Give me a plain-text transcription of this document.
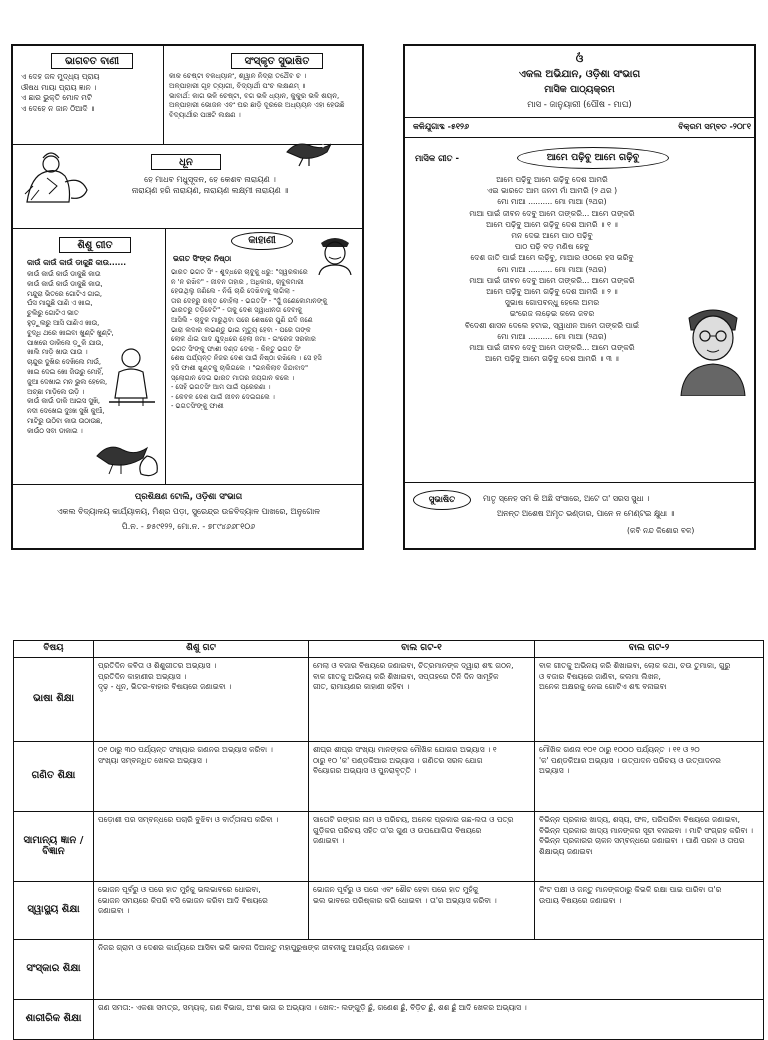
ଭାଗବତ ବାଣୀ
ଏ ଦେହ ଜଳ ମୁଦ୍ଧ୍ୟ ପ୍ରାୟ
ଔଷଧ ମାୟା ପ୍ରାୟ ଜ୍ଞାନ ।
ଏ ଛାର ଭୁକ୍ତି ମୋଳ ମଟି
ଏ ଦେହେ ନ ଜାନ ଠିଆଦି ॥
ସଂସ୍କୃତ ସୁଭାଷିତ
କାକ ଚେଷ୍ଟା ବକଧ୍ୟାନଂ, ଶ୍ୱାନ ନିଦ୍ରା ତଥୈବ ଚ ।
ଅଳ୍ପାହାରୀ ଗୃହ ତ୍ୟାଗୀ, ବିଦ୍ୟାର୍ଥୀ ପଂଚ ଲକ୍ଷଣମ୍ ॥
ଭାବାର୍ଥ: କାଗ ଭଳି ଚେଷ୍ଟା, ବଗ ଭଳି ଧ୍ୟାନ, କୁକୁର ଭଳି ଶୟନ,
ଅଳ୍ପାହାରୀ ଭୋଜନ ଏବଂ ଘର ଛାଡ଼ି ଦୂରରେ ଅଧ୍ୟୟନ ଏହା ହେଉଛି
ବିଦ୍ୟାର୍ଥୀର ପାଞ୍ଚଟି ଲକ୍ଷଣ ।
ଧୂନ
ହେ ମାଧବ ମଧୁସୂଦନ, ହେ କେଶବ ନାରାୟଣ ।
ନାରାୟଣ ହରି ନାରାୟଣ, ନାରାୟଣ ଲକ୍ଷ୍ମୀ ନାରାୟଣ ॥
ଶିଶୁ ଗୀତ
କାଉଁ କାଉଁ କାଉଁ ଡାକୁଛି କାଉ......
କାଉଁ କାଉଁ କାଉଁ ଡାକୁଛି କାଉ
କାଉଁ କାଉଁ କାଉଁ ଡାକୁଛି କାଉ,
ମନ୍ଦୁରା ଭିତରେ ଗୋଟିଏ ଗାଇ,
ଘଁସ ମାଗୁଛି ପାଣି ଏ ଖାଇ,
ଚୁଲିରୁ ଗୋଟିଏ ଭାତ
ହୁଡ଼ୁଲରୁ ଆସି ପାଣିଏ ଖାଉ,
ବୁଦ୍ଧି ଥରେ ଖାଇବା ଖୁଣ୍ଟି ଖୁଣ୍ଟି,
ପାଖରେ ଡାକିଲେ ଡ଼ୁକି ଯାଉ,
ଖାଲି ମାଡ଼ି ଖାଉ ପାଉ ।
ଚାନ୍ଦୁର ଦୁଖିର ଦେଖିଲେ ମାଉଁ,
ଖାଇ ଦେଇ ଖୋ ଜିଉରୁ ମୋହିଁ,
ଜୁଆ ଦେଖାଇ ମନ ଭୁଲ ହେଲେ,
ଅଚ୍ଛା ମାଡ଼ିଲେ ଉଡ଼ି ।
କାଉଁ କାଉଁ ଡାକି ଆଇସ ସୁଖି,
ନଦୀ ଦେଖେଇ ଦୁଃଖ ସୁଖି କୁଆଁ,
ମାଟିରୁ ଉଠିବା କାଉ ଉଠାଉଛ,
କାଉଁଠ ସବା ଡାକାଇ ।
କାହାଣୀ
ଭଗତ ସିଂଙ୍କ ନିଷ୍ଠା
ଭାରତ ଭଗତ ସିଂ - ଶୁଦ୍ଧରେ ଚାବୁକୁ ଧରୁ: "ସ୍ୱରକାରେ
ନ 'ନ ରଖିବ" - ଜୀବନ ତାହାର , ଅଧିକାର, ଚାବୁକମାରୀ
ହେଉଥିଲୁ ଜଣିଲେ - ନିଶ୍ଚି ଚାରି ଦେଖିବାକୁ ଲାଗିଲା -
ତାର ଦେହରୁ ରକ୍ତ ବୋହିଲା - ଭଗତସିଂ - "ସୁଁ ଜଣେକୋମାନଙ୍କୁ
ଭାରତରୁ ତଡ଼ିବେଟି" - ତାକୁ ଦେଶ ସ୍ୱାଧୀନତା ଦେବାକୁ
ଆସିଲି - ଚାବୁକ ମାରୁଥିବା ପରେ ଶେଷରେ ପୁଣି ଯଦି ଜଣେ
ଭାରା ଲଦାର ଲଭଣ୍ଡୁ ଭାଇ ମୃତ୍ୟୁ ହେବା - ପରେ ତାଙ୍କ
ଲୋକ ଧାଁଇ ପାଦ ଯୁଦ୍ଧରେ ହେଲା ଜମା - ଇଂରେଜ ସରକାର
ଭଗତ ସିଂଙ୍କୁ ଫାଶୀ ଦଣ୍ଡ ଦେଲା - କିନ୍ତୁ ଭଗତ ସିଂ
ଶେଷ ପର୍ଯ୍ୟନ୍ତ ନିଜର ଦେଶ ପାଇଁ ନିଷ୍ଠା ରଖିଲେ । ସେ ହସି
ହସି ଫାଶୀ ଖୁଣ୍ଟକୁ ଚାଲିଗଲେ । "ଇନକିଲାବ ଜିନ୍ଦାବାଦ"
ସ୍ଲୋଗାନ ଦେଇ ଭାରତ ମାତାର ଜୟଗାନ କଲେ ।
- ସେହି ଭଗତସିଂ ଆମ ପାଇଁ ପ୍ରେରଣା ।
- କେବଳ ଦେଶ ପାଇଁ ଜୀବନ ଦେଇଗଲେ ।
- ଭଗତସିଂଙ୍କୁ ଫାଶୀ
ପ୍ରଶିକ୍ଷଣ ଟୋଲି, ଓଡ଼ିଶା ସଂଭାଗ
ଏକଲ ବିଦ୍ୟାଳୟ କାର୍ଯ୍ୟାଳୟ, ମିଶ୍ର ପଡ଼ା, ସୁରେନ୍ଦ୍ର ଉଚ୍ଚବିଦ୍ୟାଳ ପାଖରେ, ଅନୁଗୋଳ
ପି.ନ. - ୭୫୯୧୨୨, ମୋ.ନ. - ୭୮୯୪୬୬୮୧୦୬
ଓଁ
ଏକଲ ଅଭିଯାନ, ଓଡ଼ିଶା ସଂଭାଗ
ମାସିକ ପାଠ୍ୟକ୍ରମ
ମାସ - ଜାନୁୟାରୀ (ପୌଷ - ମାଘ)
କଳିଯୁଗାବ୍ଦ -୫୧୨୬	ବିକ୍ରମ ସମ୍ବତ -୨୦୮୧
ମାସିକ ଗୀତ -	ଆମେ ପଢ଼ିବୁ ଆମେ ଗଢ଼ିବୁ
ଆମେ ପଢ଼ିବୁ ଆମେ ଗଢ଼ିବୁ ଦେଶ ଆମରି
ଏଇ ଭାରତେ ଆମ ଜନମ ମାଁ ଆମରି (୨ ଥର )
ମୋ ମାଆ .......... ମୋ ମାଆ (୨ଥର)
ମାଆ ପାଇଁ ଜୀବନ ଦେବୁ ଆମେ ତାଙ୍କରି... ଆମେ ତାଙ୍କରି
ଆମେ ପଢ଼ିବୁ ଆମେ ଗଢ଼ିବୁ ଦେଶ ଆମରି ॥ ୧ ॥
ମନ ଦେଇ ଆମେ ପାଠ ପଢ଼ିବୁ
ପାଠ ପଢ଼ି ବଡ଼ ମଣିଷ ହେବୁ
ଦେଶ ଜାତି ପାଇଁ ଆମେ ଲଢ଼ିବୁ, ମାଆର ଓଠରେ ହସ ଭରିବୁ
ମୋ ମାଆ .......... ମୋ ମାଆ (୨ଥର)
ମାଆ ପାଇଁ ଜୀବନ ଦେବୁ ଆମେ ତାଙ୍କରି... ଆମେ ତାଙ୍କରି
ଆମେ ପଢ଼ିବୁ ଆମେ ଗଢ଼ିବୁ ଦେଶ ଆମରି ॥ ୨ ॥
ସୁଭାଷ ଗୋପବନ୍ଧୁ ହେଲେ ଅମର
ଇଂରେଜ ଲଢ଼େଇ କଲେ ଜବର
ବିଦେଶୀ ଶାସନ ଦେଲେ ହଟାଇ, ସ୍ୱାଧୀନ ଆମେ ତାଙ୍କରି ପାଇଁ
ମୋ ମାଆ .......... ମୋ ମାଆ (୨ଥର)
ମାଆ ପାଇଁ ଜୀବନ ଦେବୁ ଆମେ ତାଙ୍କରି... ଆମେ ତାଙ୍କରି
ଆମେ ପଢ଼ିବୁ ଆମେ ଗଢ଼ିବୁ ଦେଶ ଆମରି ॥ ୩ ॥
ସୁଭାଷିତ	ମାତୃ ସ୍ନେହ ସମ କି ଅଛି ସଂସାରେ, ଅଟେ ତା' ସରସ ସୁଧା ।
ଅନନ୍ତ ଅଶେଷ ଅମୃତ ଭଣ୍ଡାର, ପାନେ ନ ମେଣ୍ଟଇ କ୍ଷୁଧା ॥
(କବି ନନ୍ଦ କିଶୋର ବଳ)
ବିଷୟ	ଶିଶୁ ଗଟ	ବାଲ ଗଟ-୧	ବାଲ ଗଟ-୨
ଭାଷା ଶିକ୍ଷା	ପ୍ରତିଦିନ କବିତା ଓ ଶିଶୁଗୀତର ଅଭ୍ୟାସ ।
ପ୍ରତିଦିନ କାହାଣୀର ଅଭ୍ୟାସ ।
ଦୃଢ଼ - ଧୂନ, ଭିତର-ବାହାର ବିଷୟରେ ଜଣାଇବା ।	ମେଲା ଓ ବଜାର ବିଷୟରେ ଜଣାଇବା, ଚିତ୍ରମାନଙ୍କ ଦ୍ୱାରା ଶବ୍ଦ ଗଠନ,
ବାଳ ଗୀତକୁ ଅଭିନୟ କରି ଶିଖାଇବା, ସପ୍ତାହରେ ତିନି ଦିନ ସାମୂହିକ
ଗୀତ, ରାମାୟଣର କାହାଣୀ କହିବା ।	ବାଳ ଗୀତକୁ ଅଭିନୟ କରି ଶିଖାଇବା, ଲୋକ କଥା, ଚଉ ତୁମାକା, ଗୁରୁ
ଓ ବଜାର ବିଷୟରେ ଜାଣିବା, କଲମା ଲିଖନ,
ଅନେକ ଅକ୍ଷରକୁ ନେଇ ଗୋଟିଏ ଶବ୍ଦ ବନାଇବା
ଗଣିତ ଶିକ୍ଷା	୦୧ ଠାରୁ ୩୦ ପର୍ଯ୍ୟନ୍ତ ସଂଖ୍ୟାର ଗଣନର ଅଭ୍ୟାସ କରିବା ।
ସଂଖ୍ୟା ସମ୍ବନ୍ଧିତ ଖେଳର ଅଭ୍ୟାସ ।	ଶୀଘ୍ର ଶୀଘ୍ର ସଂଖ୍ୟା ମାନଙ୍କର ମୌଖିକ ଯୋଗର ଅଭ୍ୟାସ । ୧
ଠାରୁ ୧୦ 'କ' ପଣ୍ଡକିଆର ଅଭ୍ୟାସ । ଗଣିତର ସରଳ ଯୋଗ
ବିୟୋଗର ଅଭ୍ୟାସ ଓ ପୁନରାବୃତ୍ତି ।	ମୌଖିକ ଗଣନା ୧୦୧ ଠାରୁ ୧୦୦୦ ପର୍ଯ୍ୟନ୍ତ । ୧୧ ଓ ୨୦
'କ' ପଣ୍ଡକିଆର ଅଭ୍ୟାସ । ଉତ୍ପାଦନ ପରିଚୟ ଓ ଉତ୍ପାଦନର
ଅଭ୍ୟାସ ।
ସାମାନ୍ୟ ଜ୍ଞାନ / ବିଜ୍ଞାନ	ପଡ଼ୋଶୀ ପର ସମ୍ବନ୍ଧରେ ପଚାରି ବୁଝିବା ଓ ବାର୍ତ୍ତାଳାପ କରିବା ।	ସାତୋଟି ରଙ୍ଗର ନାମ ଓ ପରିଚୟ, ଅନେକ ପ୍ରକାର ଗଛ-ଲତା ଓ ପତ୍ର
ଗୁଡ଼ିକର ପରିଚୟ ସହିତ ତା'ର ଗୁଣ ଓ ଉପଯୋଗିତା ବିଷୟରେ
ଜଣାଇବା ।	ବିଭିନ୍ନ ପ୍ରକାର ଖାଦ୍ୟ, ଶସ୍ୟ, ଫଳ, ପରିପରିବା ବିଷୟରେ ଜଣାଇବା,
ବିଭିନ୍ନ ପ୍ରକାର ଖାଦ୍ୟ ମାନଙ୍କର ସୂଚୀ ବନାଇବା । ମାଟି ସଂଗ୍ରହ କରିବା ।
ବିଭିନ୍ନ ପ୍ରକାରର ଚାକନ ସମ୍ବନ୍ଧରେ ଜଣାଇବା । ପାଣି ପରନ ଓ ତାପର
ଶିକ୍ଷାଭ୍ୟ ଜଣାଇବା
ସ୍ୱାସ୍ଥ୍ୟ ଶିକ୍ଷା	ଭୋଜନ ପୂର୍ବରୁ ଓ ପରେ ହାତ ମୁହଁକୁ ଭଲଭାବରେ ଧୋଇବା,
ଭୋଜନ ସମୟରେ କିପରି ବସି ଭୋଜନ କରିବା ଆଦି ବିଷୟରେ
ଜଣାଇବା ।	ଭୋଜନ ପୂର୍ବରୁ ଓ ପରେ ଏବଂ ଶୌଚ ହେବା ପରେ ହାତ ମୁହଁକୁ
ଭଲ ଭାବରେ ପରିଷ୍କାର କରି ଧୋଇବା । ତା'ର ଅଭ୍ୟାସ କରିବା ।	କିଂଟ ପକ୍ଷୀ ଓ ଜନ୍ତୁ ମାନଙ୍କଠାରୁ କିଭଳି ରକ୍ଷା ପାଇ ପାରିବା ତା'ର
ଉପାୟ ବିଷୟରେ ଜଣାଇବା ।
ସଂସ୍କାର ଶିକ୍ଷା	ନିଜର ଗ୍ରାମ ଓ ଦେଶର କାର୍ଯ୍ୟରେ ଆସିବା ଭଳି ଭାବନା ଦିଆନ୍ତୁ ମହାପୁରୁଷଙ୍କ ଜୀବନୀକୁ ଆଚାର୍ଯ୍ୟ ଜଣାଇବେ ।		
ଶାରୀରିକ ଶିକ୍ଷା	ଗଣ ସମତା:- ଏକଶା ସମତ୍ର, ସମ୍ୟକ୍, ଗଣ ବିଭାଗ, ଅଂଶ ଭାଗ ର ଅଭ୍ୟାସ । ଖେଳ:- ଲଙ୍ଗୁଡ଼ି ଛୁଁ, ଗଣେଶ ଛୁଁ, ବିଡ଼ିଚ ଛୁଁ, ଶଶ ଛୁଁ ଆଦି ଖେଳର ଅଭ୍ୟାସ ।		
